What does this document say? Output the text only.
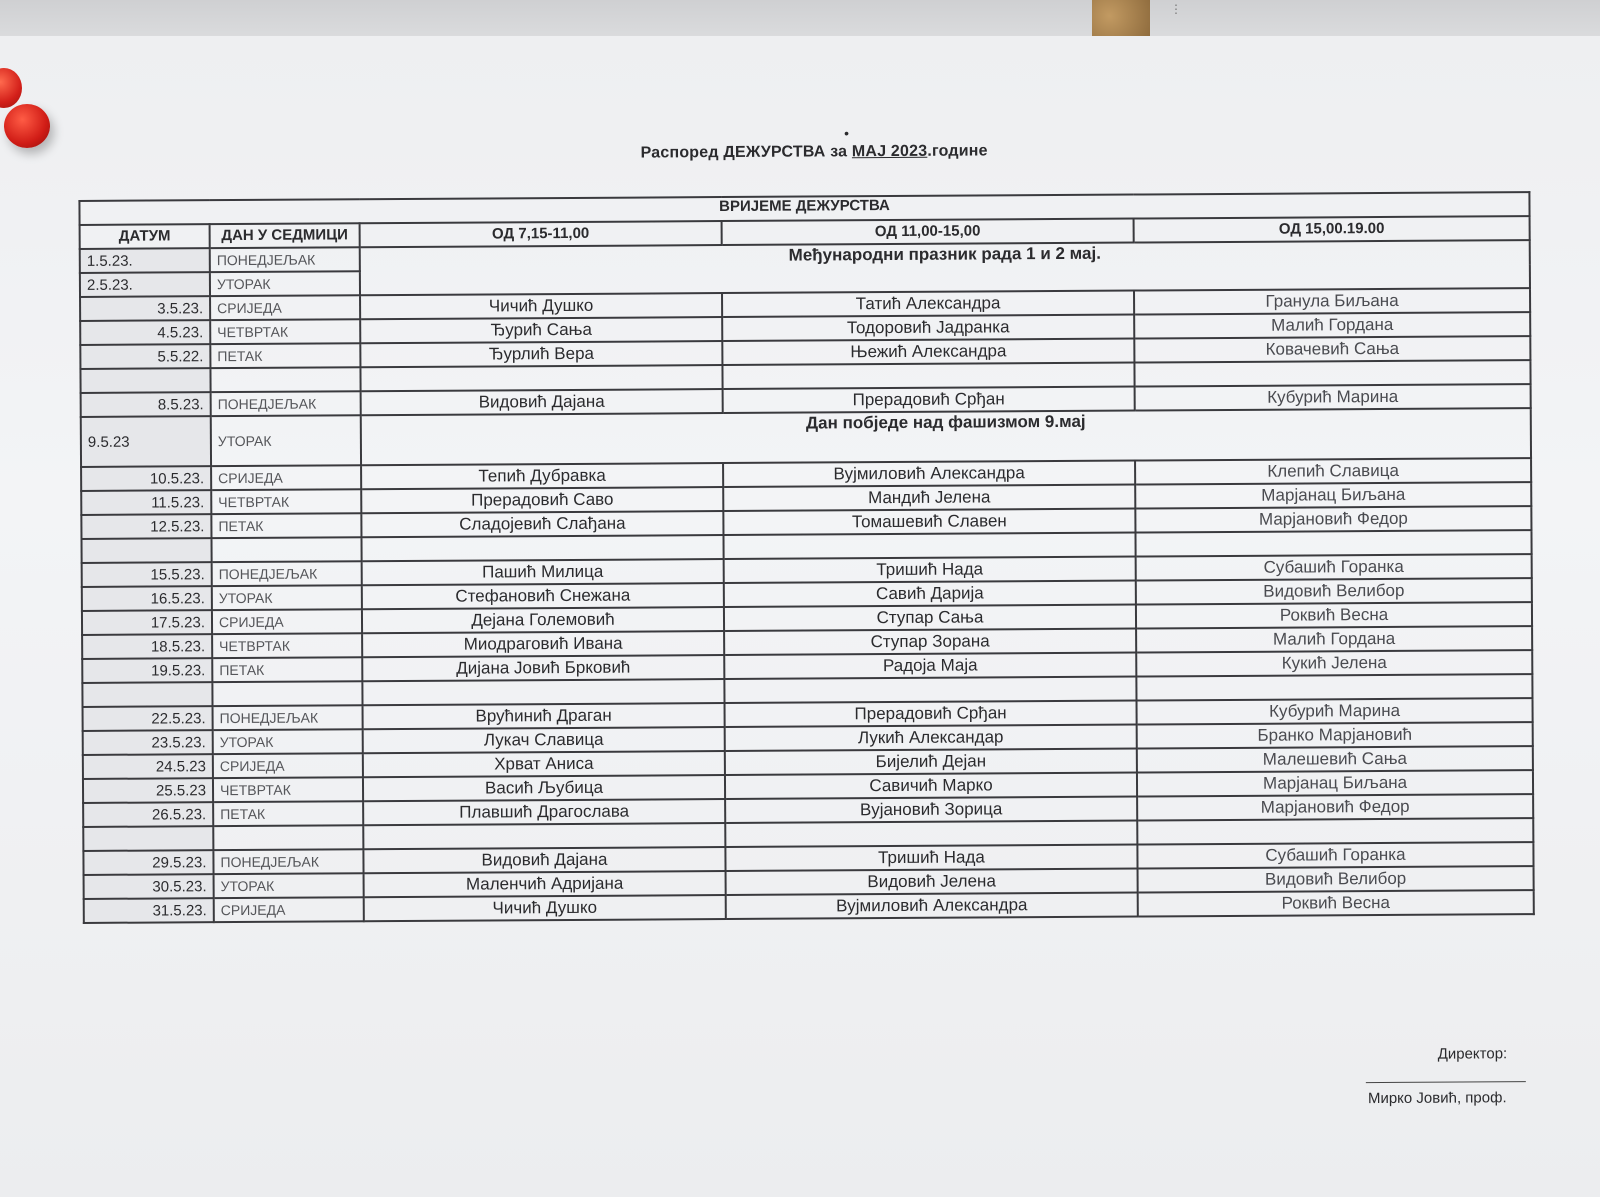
⋮
•
Распоред ДЕЖУРСТВА за МАЈ 2023.године
ВРИЈЕМЕ ДЕЖУРСТВА				
ДАТУМ	ДАН У СЕДМИЦИ	ОД 7,15-11,00	ОД 11,00-15,00	ОД 15,00.19.00
1.5.23.	ПОНЕДЈЕЉАК	Међународни празник рада 1 и 2 мај.		
2.5.23.	УТОРАК			
3.5.23.	СРИЈЕДА	Чичић Душко	Татић Александра	Гранула Биљана
4.5.23.	ЧЕТВРТАК	Ђурић Сања	Тодоровић Јадранка	Малић Гордана
5.5.22.	ПЕТАК	Ђурлић Вера	Њежић Александра	Ковачевић Сања

8.5.23.	ПОНЕДЈЕЉАК	Видовић Дајана	Прерадовић Срђан	Кубурић Марина
9.5.23	УТОРАК	Дан побједе над фашизмом 9.мај		
10.5.23.	СРИЈЕДА	Тепић Дубравка	Вујмиловић Александра	Клепић Славица
11.5.23.	ЧЕТВРТАК	Прерадовић Саво	Мандић Јелена	Марјанац Биљана
12.5.23.	ПЕТАК	Сладојевић Слађана	Томашевић Славен	Марјановић Федор

15.5.23.	ПОНЕДЈЕЉАК	Пашић Милица	Тришић Нада	Субашић Горанка
16.5.23.	УТОРАК	Стефановић Снежана	Савић Дарија	Видовић Велибор
17.5.23.	СРИЈЕДА	Дејана Големовић	Ступар Сања	Роквић Весна
18.5.23.	ЧЕТВРТАК	Миодраговић Ивана	Ступар Зорана	Малић Гордана
19.5.23.	ПЕТАК	Дијана Јовић Брковић	Радоја Маја	Кукић Јелена

22.5.23.	ПОНЕДЈЕЉАК	Врућинић Драган	Прерадовић Срђан	Кубурић Марина
23.5.23.	УТОРАК	Лукач Славица	Лукић Александар	Бранко Марјановић
24.5.23	СРИЈЕДА	Хрват Аниса	Бијелић Дејан	Малешевић Сања
25.5.23	ЧЕТВРТАК	Васић Љубица	Савичић Марко	Марјанац Биљана
26.5.23.	ПЕТАК	Плавшић Драгослава	Вујановић Зорица	Марјановић Федор

29.5.23.	ПОНЕДЈЕЉАК	Видовић Дајана	Тришић Нада	Субашић Горанка
30.5.23.	УТОРАК	Маленчић Адријана	Видовић Јелена	Видовић Велибор
31.5.23.	СРИЈЕДА	Чичић Душко	Вујмиловић Александра	Роквић Весна
Директор:
Мирко Јовић, проф.
